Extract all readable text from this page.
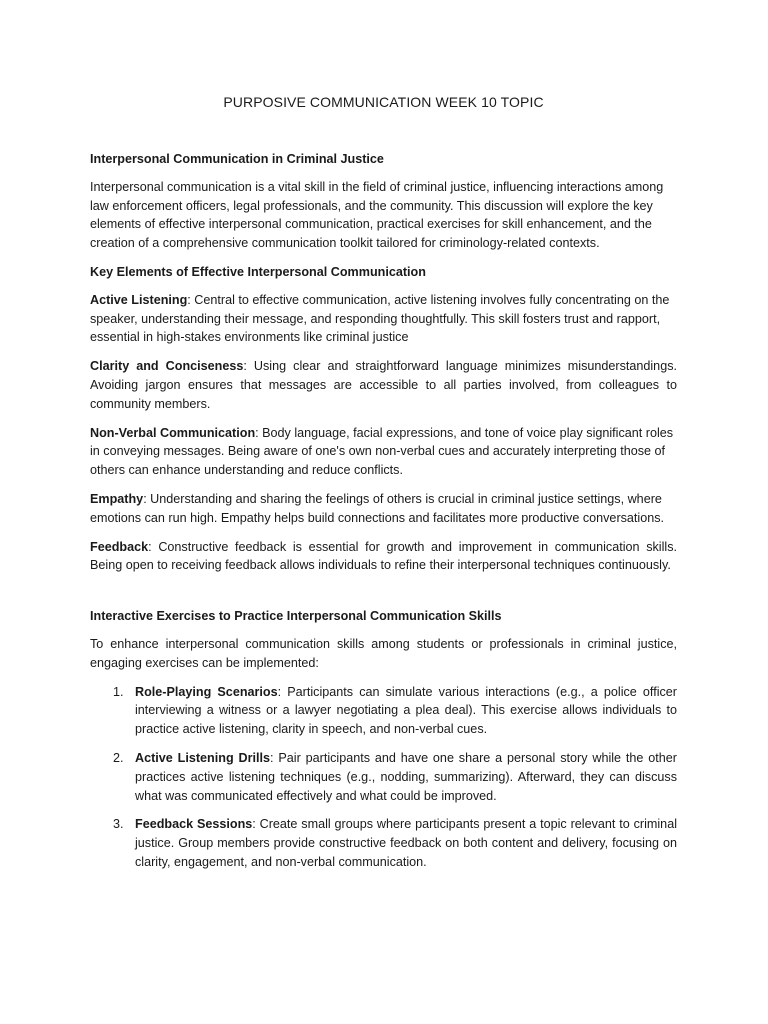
PURPOSIVE COMMUNICATION WEEK 10 TOPIC
Interpersonal Communication in Criminal Justice

Interpersonal communication is a vital skill in the field of criminal justice, influencing interactions among law enforcement officers, legal professionals, and the community. This discussion will explore the key elements of effective interpersonal communication, practical exercises for skill enhancement, and the creation of a comprehensive communication toolkit tailored for criminology-related contexts.

Key Elements of Effective Interpersonal Communication

Active Listening: Central to effective communication, active listening involves fully concentrating on the speaker, understanding their message, and responding thoughtfully. This skill fosters trust and rapport, essential in high-stakes environments like criminal justice

Clarity and Conciseness: Using clear and straightforward language minimizes misunderstandings. Avoiding jargon ensures that messages are accessible to all parties involved, from colleagues to community members.

Non-Verbal Communication: Body language, facial expressions, and tone of voice play significant roles in conveying messages. Being aware of one's own non-verbal cues and accurately interpreting those of others can enhance understanding and reduce conflicts.

Empathy: Understanding and sharing the feelings of others is crucial in criminal justice settings, where emotions can run high. Empathy helps build connections and facilitates more productive conversations.

Feedback: Constructive feedback is essential for growth and improvement in communication skills. Being open to receiving feedback allows individuals to refine their interpersonal techniques continuously.

Interactive Exercises to Practice Interpersonal Communication Skills

To enhance interpersonal communication skills among students or professionals in criminal justice, engaging exercises can be implemented:

1. Role-Playing Scenarios: Participants can simulate various interactions (e.g., a police officer interviewing a witness or a lawyer negotiating a plea deal). This exercise allows individuals to practice active listening, clarity in speech, and non-verbal cues.
2. Active Listening Drills: Pair participants and have one share a personal story while the other practices active listening techniques (e.g., nodding, summarizing). Afterward, they can discuss what was communicated effectively and what could be improved.
3. Feedback Sessions: Create small groups where participants present a topic relevant to criminal justice. Group members provide constructive feedback on both content and delivery, focusing on clarity, engagement, and non-verbal communication.
